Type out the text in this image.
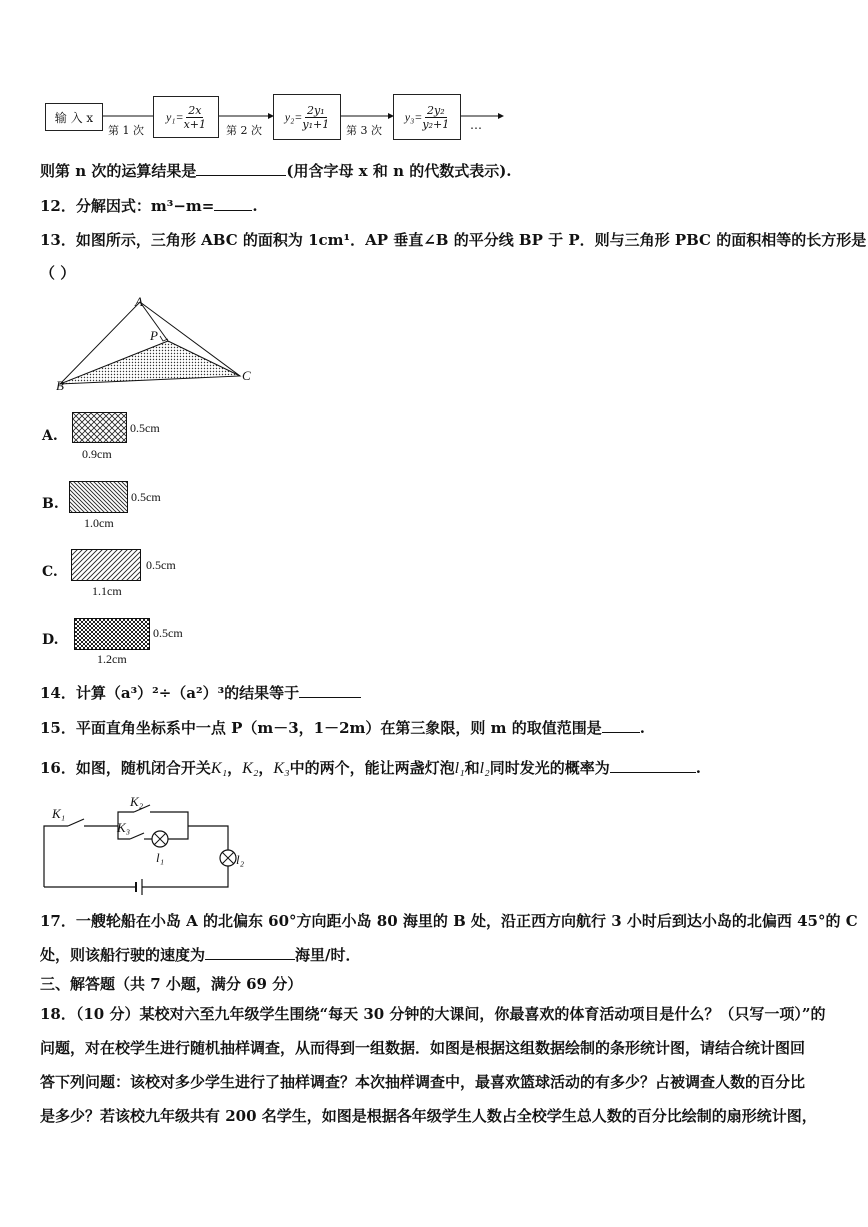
输 入 x
第 1 次
$y_1= \frac{2x}{x+1}$ 第 2 次
$y_2= \frac{\text{2y₁}}{\text{y₁+1}}$ 第 3 次
$y_3= \frac{\text{2y₂}}{\text{y₂+1}}$ …
则第 n 次的运算结果是	(用含字母 x 和 n 的代数式表示).
12．分解因式：m³−m=	.
13．如图所示，三角形 ABC 的面积为 1cm¹．AP 垂直∠B 的平分线 BP 于 P．则与三角形 PBC 的面积相等的长方形是
（ ）
A
P
B
C
A.	0.5cm
0.9cm
B.	0.5cm
1.0cm
C.	0.5cm
1.1cm
D.	0.5cm
1.2cm
14．计算（a³）²÷（a²）³的结果等于
15．平面直角坐标系中一点 P（m－3，1－2m）在第三象限，则 m 的取值范围是	.
16．如图，随机闭合开关K₁，K₂，K₃中的两个，能让两盏灯泡l₁和l₂同时发光的概率为	.
K₁
K₂
K₃
l₁	l₂
17．一艘轮船在小岛 A 的北偏东 60°方向距小岛 80 海里的 B 处，沿正西方向航行 3 小时后到达小岛的北偏西 45°的 C
处，则该船行驶的速度为	海里/时．
三、解答题（共 7 小题，满分 69 分）
18．（10 分）某校对六至九年级学生围绕“每天 30 分钟的大课间，你最喜欢的体育活动项目是什么？（只写一项）”的
问题，对在校学生进行随机抽样调查，从而得到一组数据．如图是根据这组数据绘制的条形统计图，请结合统计图回
答下列问题：该校对多少学生进行了抽样调查？本次抽样调查中，最喜欢篮球活动的有多少？占被调查人数的百分比
是多少？若该校九年级共有 200 名学生，如图是根据各年级学生人数占全校学生总人数的百分比绘制的扇形统计图，
